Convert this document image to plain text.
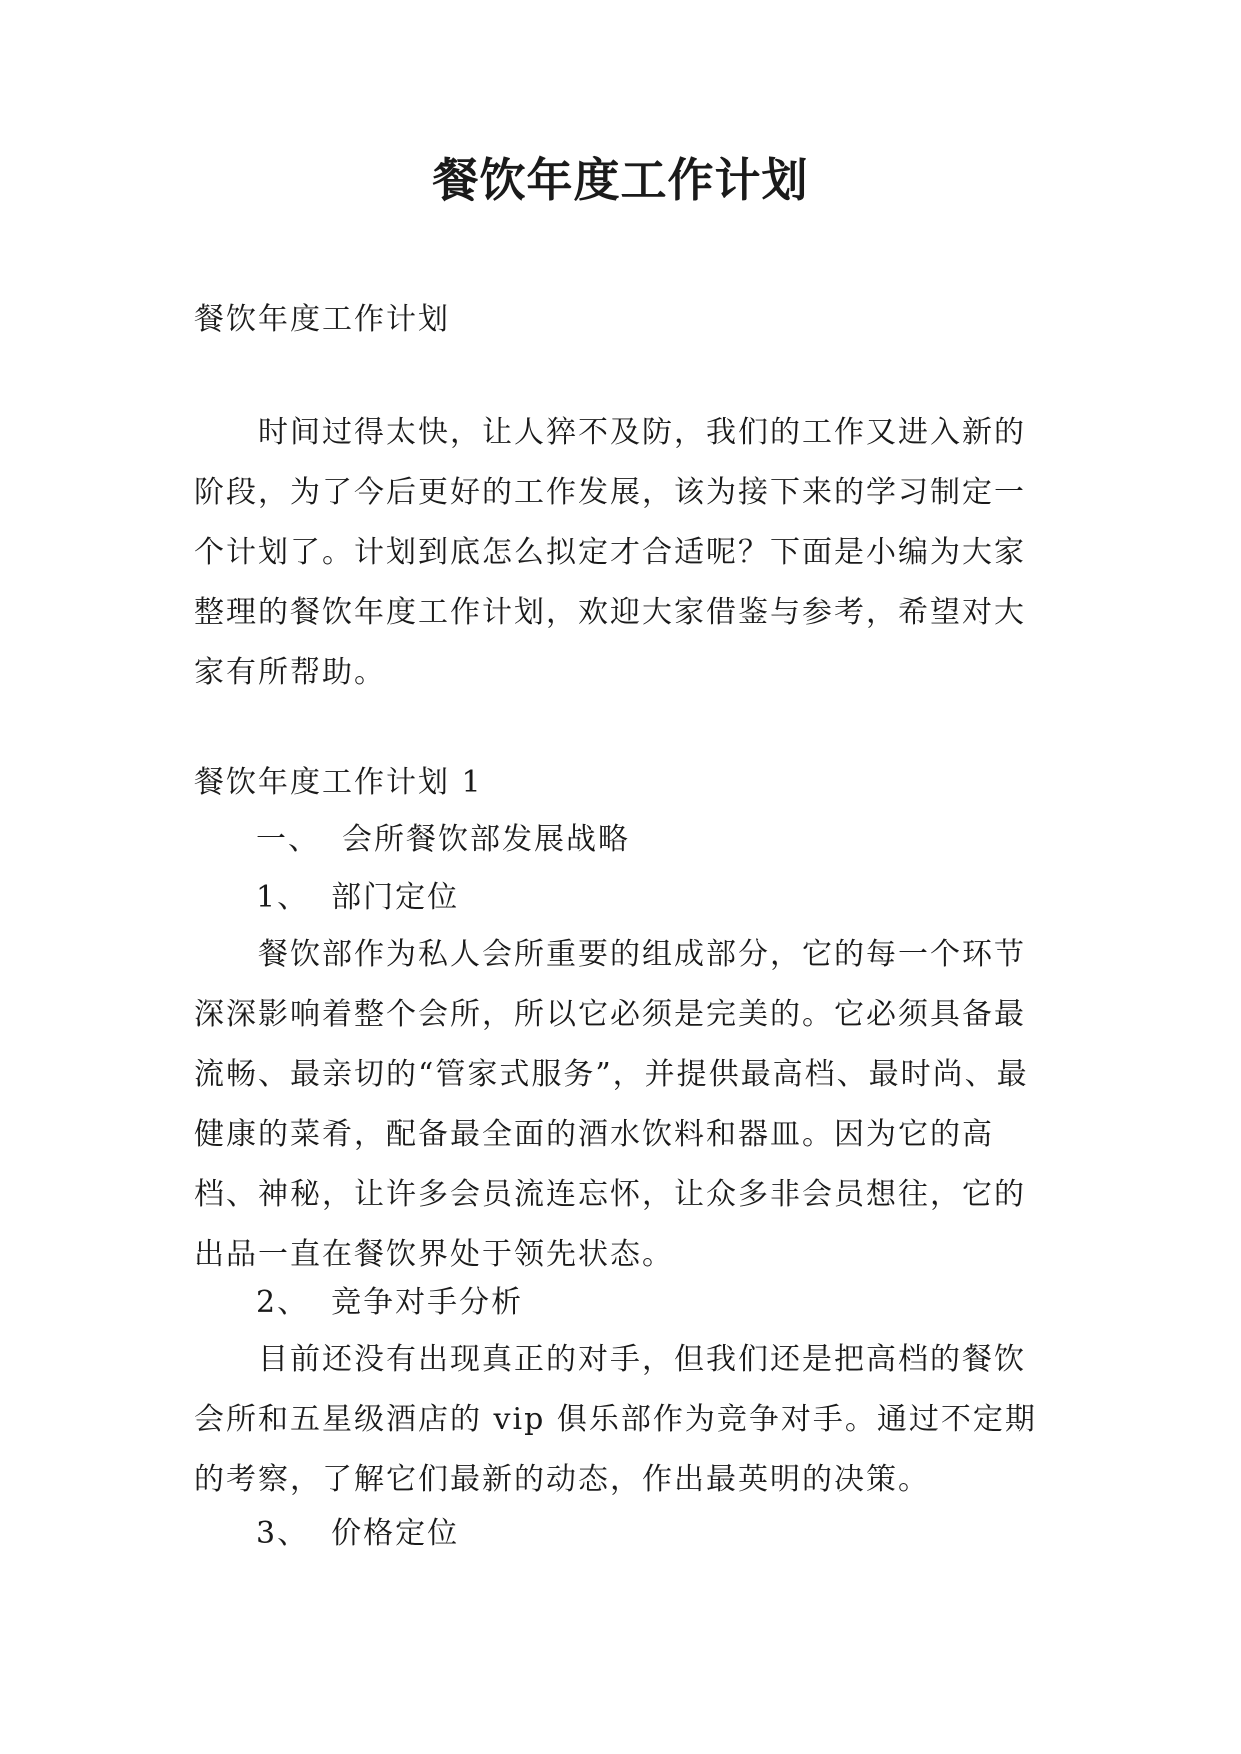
餐饮年度工作计划

餐饮年度工作计划

时间过得太快，让人猝不及防，我们的工作又进入新的阶段，为了今后更好的工作发展，该为接下来的学习制定一个计划了。计划到底怎么拟定才合适呢？下面是小编为大家整理的餐饮年度工作计划，欢迎大家借鉴与参考，希望对大家有所帮助。

餐饮年度工作计划 1

一、 会所餐饮部发展战略

1、 部门定位

餐饮部作为私人会所重要的组成部分，它的每一个环节深深影响着整个会所，所以它必须是完美的。它必须具备最流畅、最亲切的“管家式服务”，并提供最高档、最时尚、最健康的菜肴，配备最全面的酒水饮料和器皿。因为它的高档、神秘，让许多会员流连忘怀，让众多非会员想往，它的出品一直在餐饮界处于领先状态。

2、 竞争对手分析

目前还没有出现真正的对手，但我们还是把高档的餐饮会所和五星级酒店的 vip 俱乐部作为竞争对手。通过不定期的考察，了解它们最新的动态，作出最英明的决策。

3、 价格定位
